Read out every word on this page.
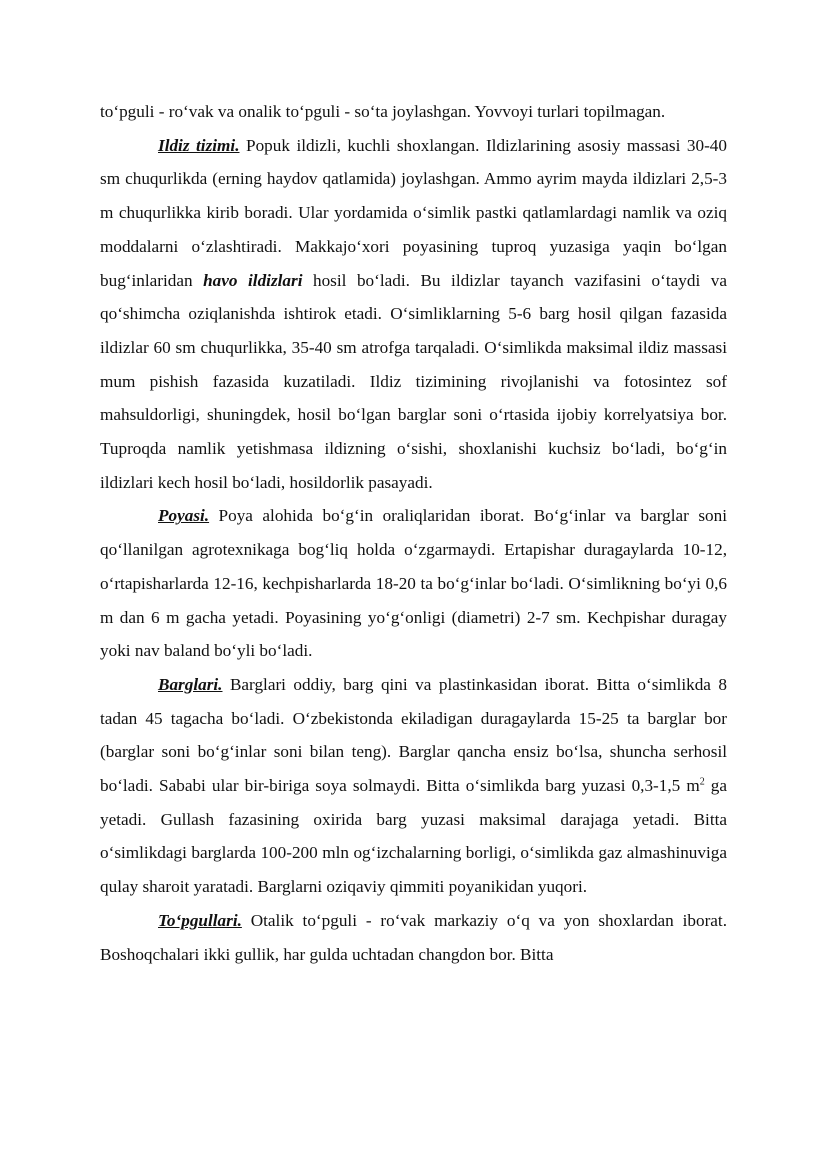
to‘pguli - ro‘vak va onalik to‘pguli - so‘ta joylashgan. Yovvoyi turlari topilmagan.

Ildiz tizimi. Popuk ildizli, kuchli shoxlangan. Ildizlarining asosiy massasi 30-40 sm chuqurlikda (erning haydov qatlamida) joylashgan. Ammo ayrim mayda ildizlari 2,5-3 m chuqurlikka kirib boradi. Ular yordamida o‘simlik pastki qatlamlardagi namlik va oziq moddalarni o‘zlashtiradi. Makkajo‘xori poyasining tuproq yuzasiga yaqin bo‘lgan bug‘inlaridan havo ildizlari hosil bo‘ladi. Bu ildizlar tayanch vazifasini o‘taydi va qo‘shimcha oziqlanishda ishtirok etadi. O‘simliklarning 5-6 barg hosil qilgan fazasida ildizlar 60 sm chuqurlikka, 35-40 sm atrofga tarqaladi. O‘simlikda maksimal ildiz massasi mum pishish fazasida kuzatiladi. Ildiz tizimining rivojlanishi va fotosintez sof mahsuldorligi, shuningdek, hosil bo‘lgan barglar soni o‘rtasida ijobiy korrelyatsiya bor. Tuproqda namlik yetishmasa ildizning o‘sishi, shoxlanishi kuchsiz bo‘ladi, bo‘g‘in ildizlari kech hosil bo‘ladi, hosildorlik pasayadi.

Poyasi. Poya alohida bo‘g‘in oraliqlaridan iborat. Bo‘g‘inlar va barglar soni qo‘llanilgan agrotexnikaga bog‘liq holda o‘zgarmaydi. Ertapishar duragaylarda 10-12, o‘rtapisharlarda 12-16, kechpisharlarda 18-20 ta bo‘g‘inlar bo‘ladi. O‘simlikning bo‘yi 0,6 m dan 6 m gacha yetadi. Poyasining yo‘g‘onligi (diametri) 2-7 sm. Kechpishar duragay yoki nav baland bo‘yli bo‘ladi.

Barglari. Barglari oddiy, barg qini va plastinkasidan iborat. Bitta o‘simlikda 8 tadan 45 tagacha bo‘ladi. O‘zbekistonda ekiladigan duragaylarda 15-25 ta barglar bor (barglar soni bo‘g‘inlar soni bilan teng). Barglar qancha ensiz bo‘lsa, shuncha serhosil bo‘ladi. Sababi ular bir-biriga soya solmaydi. Bitta o‘simlikda barg yuzasi 0,3-1,5 $m^2$ ga yetadi. Gullash fazasining oxirida barg yuzasi maksimal darajaga yetadi. Bitta o‘simlikdagi barglarda 100-200 mln og‘izchalarning borligi, o‘simlikda gaz almashinuviga qulay sharoit yaratadi. Barglarni oziqaviy qimmiti poyanikidan yuqori.

To‘pgullari. Otalik to‘pguli - ro‘vak markaziy o‘q va yon shoxlardan iborat. Boshoqchalari ikki gullik, har gulda uchtadan changdon bor. Bitta
